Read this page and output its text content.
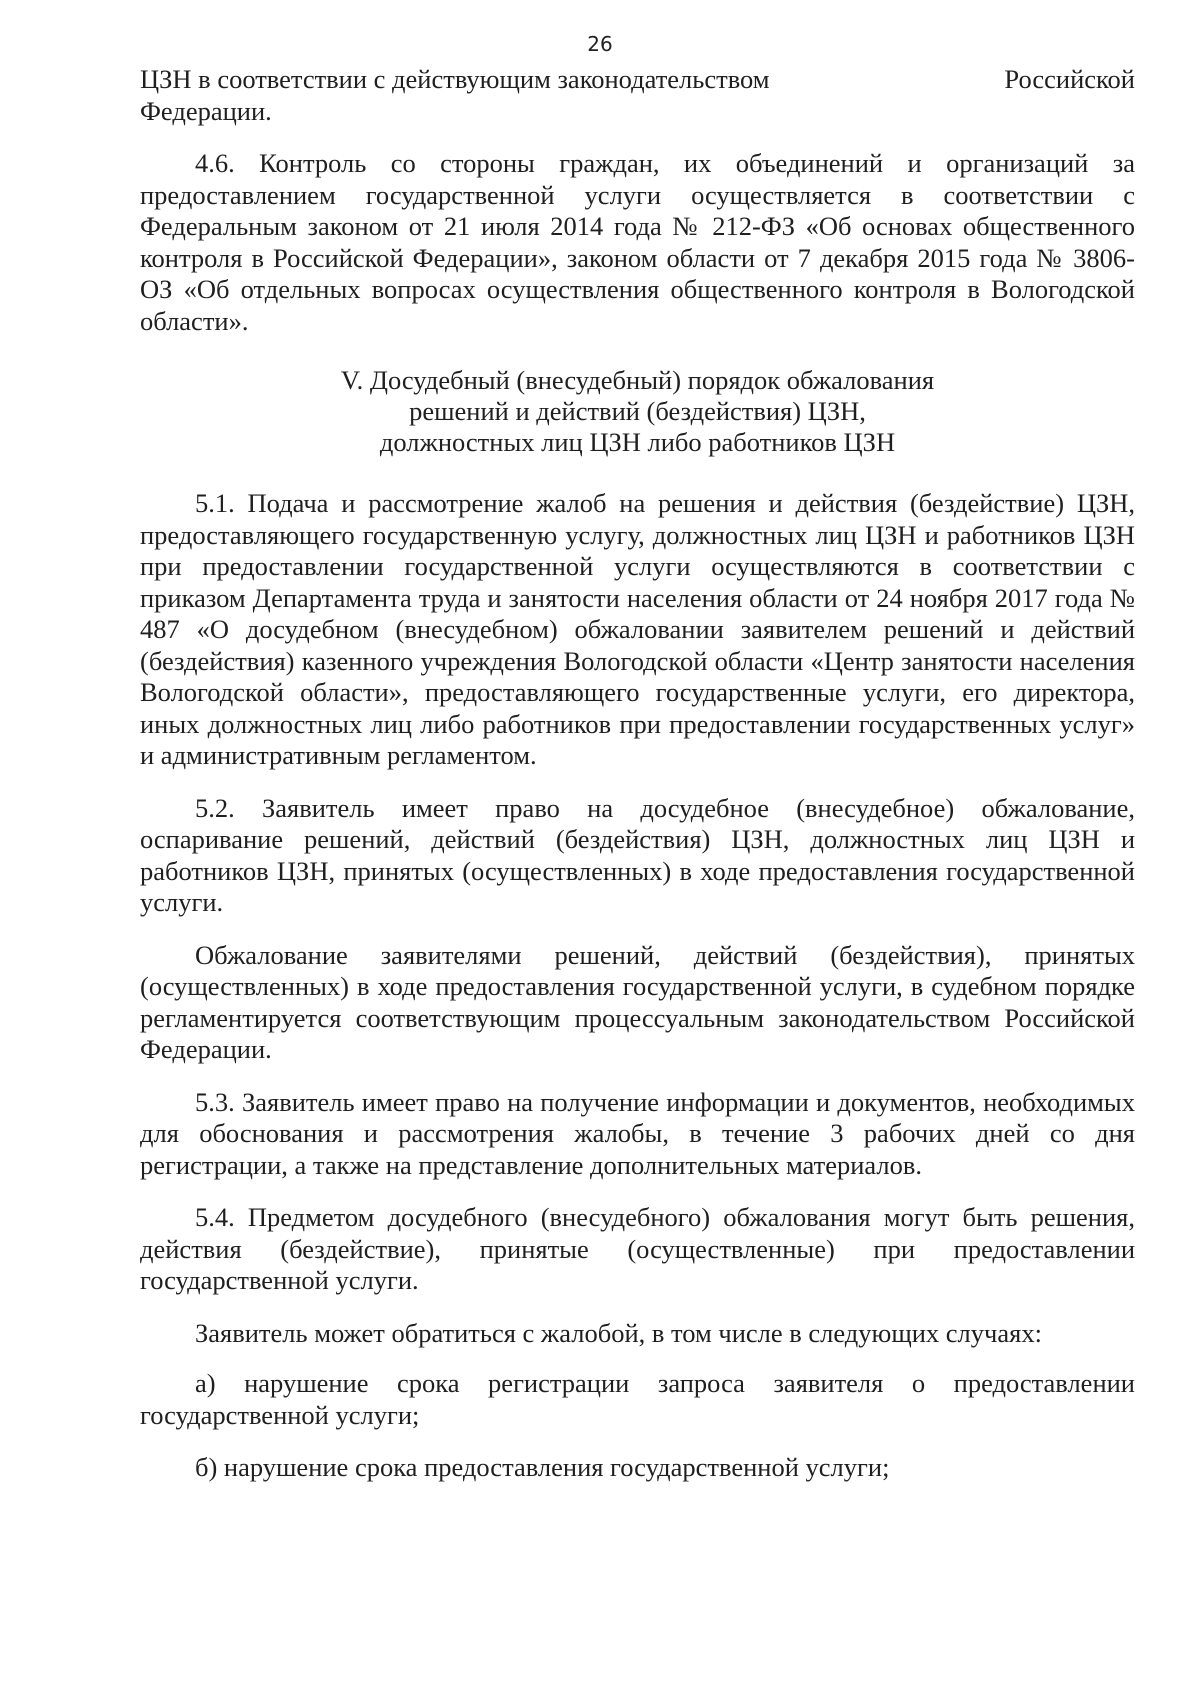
26
ЦЗН в соответствии с действующим законодательством	Российской

Федерации.

4.6. Контроль со стороны граждан, их объединений и организаций за предоставлением государственной услуги осуществляется в соответствии с Федеральным законом от 21 июля 2014 года № 212-ФЗ «Об основах общественного контроля в Российской Федерации», законом области от 7 декабря 2015 года № 3806-ОЗ «Об отдельных вопросах осуществления общественного контроля в Вологодской области».

V. Досудебный (внесудебный) порядок обжалования
решений и действий (бездействия) ЦЗН,
должностных лиц ЦЗН либо работников ЦЗН

5.1. Подача и рассмотрение жалоб на решения и действия (бездействие) ЦЗН, предоставляющего государственную услугу, должностных лиц ЦЗН и работников ЦЗН при предоставлении государственной услуги осуществляются в соответствии с приказом Департамента труда и занятости населения области от 24 ноября 2017 года № 487 «О досудебном (внесудебном) обжаловании заявителем решений и действий (бездействия) казенного учреждения Вологодской области «Центр занятости населения Вологодской области», предоставляющего государственные услуги, его директора, иных должностных лиц либо работников при предоставлении государственных услуг» и административным регламентом.

5.2. Заявитель имеет право на досудебное (внесудебное) обжалование, оспаривание решений, действий (бездействия) ЦЗН, должностных лиц ЦЗН и работников ЦЗН, принятых (осуществленных) в ходе предоставления государственной услуги.

Обжалование заявителями решений, действий (бездействия), принятых (осуществленных) в ходе предоставления государственной услуги, в судебном порядке регламентируется соответствующим процессуальным законодательством Российской Федерации.

5.3. Заявитель имеет право на получение информации и документов, необходимых для обоснования и рассмотрения жалобы, в течение 3 рабочих дней со дня регистрации, а также на представление дополнительных материалов.

5.4. Предметом досудебного (внесудебного) обжалования могут быть решения, действия (бездействие), принятые (осуществленные) при предоставлении государственной услуги.

Заявитель может обратиться с жалобой, в том числе в следующих случаях:

а) нарушение срока регистрации запроса заявителя о предоставлении государственной услуги;

б) нарушение срока предоставления государственной услуги;
